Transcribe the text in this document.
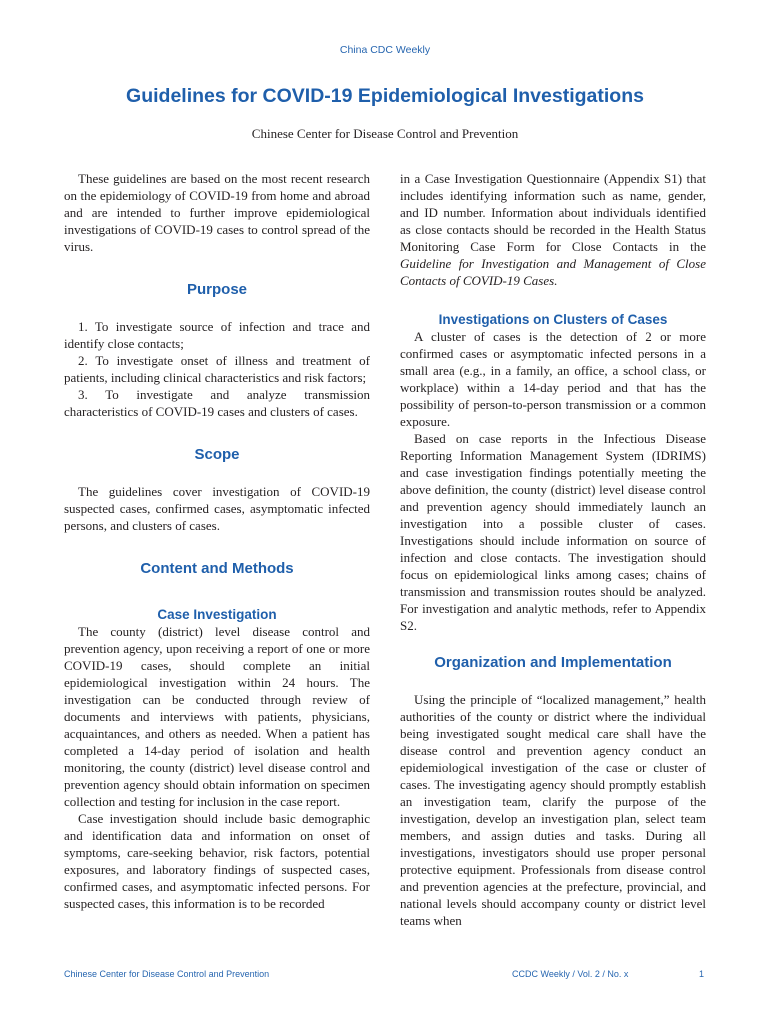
China CDC Weekly
Guidelines for COVID-19 Epidemiological Investigations
Chinese Center for Disease Control and Prevention

These guidelines are based on the most recent research on the epidemiology of COVID-19 from home and abroad and are intended to further improve epidemiological investigations of COVID-19 cases to control spread of the virus.

Purpose

1. To investigate source of infection and trace and identify close contacts;

2. To investigate onset of illness and treatment of patients, including clinical characteristics and risk factors;

3. To investigate and analyze transmission characteristics of COVID-19 cases and clusters of cases.

Scope

The guidelines cover investigation of COVID-19 suspected cases, confirmed cases, asymptomatic infected persons, and clusters of cases.

Content and Methods
Case Investigation

The county (district) level disease control and prevention agency, upon receiving a report of one or more COVID-19 cases, should complete an initial epidemiological investigation within 24 hours. The investigation can be conducted through review of documents and interviews with patients, physicians, acquaintances, and others as needed. When a patient has completed a 14-day period of isolation and health monitoring, the county (district) level disease control and prevention agency should obtain information on specimen collection and testing for inclusion in the case report.

Case investigation should include basic demographic and identification data and information on onset of symptoms, care-seeking behavior, risk factors, potential exposures, and laboratory findings of suspected cases, confirmed cases, and asymptomatic infected persons. For suspected cases, this information is to be recorded

in a Case Investigation Questionnaire (Appendix S1) that includes identifying information such as name, gender, and ID number. Information about individuals identified as close contacts should be recorded in the Health Status Monitoring Case Form for Close Contacts in the Guideline for Investigation and Management of Close Contacts of COVID-19 Cases.

Investigations on Clusters of Cases

A cluster of cases is the detection of 2 or more confirmed cases or asymptomatic infected persons in a small area (e.g., in a family, an office, a school class, or workplace) within a 14-day period and that has the possibility of person-to-person transmission or a common exposure.

Based on case reports in the Infectious Disease Reporting Information Management System (IDRIMS) and case investigation findings potentially meeting the above definition, the county (district) level disease control and prevention agency should immediately launch an investigation into a possible cluster of cases. Investigations should include information on source of infection and close contacts. The investigation should focus on epidemiological links among cases; chains of transmission and transmission routes should be analyzed. For investigation and analytic methods, refer to Appendix S2.

Organization and Implementation

Using the principle of “localized management,” health authorities of the county or district where the individual being investigated sought medical care shall have the disease control and prevention agency conduct an epidemiological investigation of the case or cluster of cases. The investigating agency should promptly establish an investigation team, clarify the purpose of the investigation, develop an investigation plan, select team members, and assign duties and tasks. During all investigations, investigators should use proper personal protective equipment. Professionals from disease control and prevention agencies at the prefecture, provincial, and national levels should accompany county or district level teams when

Chinese Center for Disease Control and Prevention	CCDC Weekly / Vol. 2 / No. x	1
